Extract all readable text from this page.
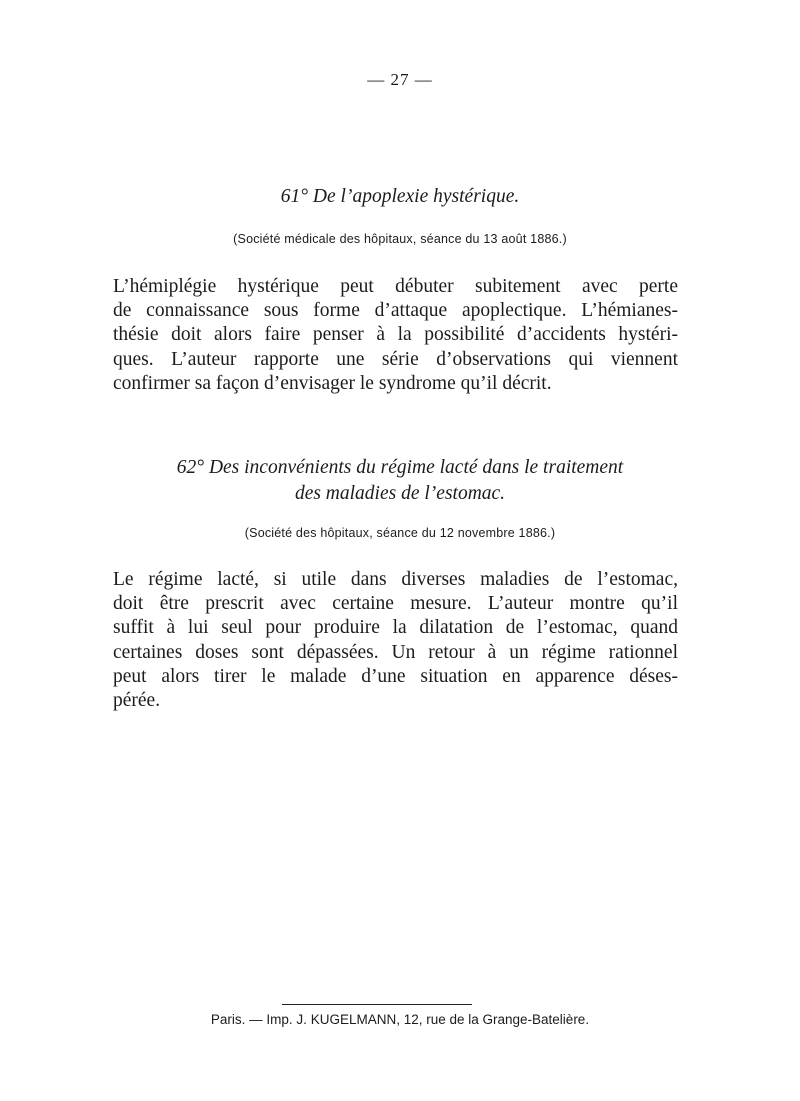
— 27 —
61° De l’apoplexie hystérique.
(Société médicale des hôpitaux, séance du 13 août 1886.)
L’hémiplégie hystérique peut débuter subitement avec perte
de connaissance sous forme d’attaque apoplectique. L’hémianes-
thésie doit alors faire penser à la possibilité d’accidents hystéri-
ques. L’auteur rapporte une série d’observations qui viennent
confirmer sa façon d’envisager le syndrome qu’il décrit.
62° Des inconvénients du régime lacté dans le traitement
des maladies de l’estomac.
(Société des hôpitaux, séance du 12 novembre 1886.)
Le régime lacté, si utile dans diverses maladies de l’estomac,
doit être prescrit avec certaine mesure. L’auteur montre qu’il
suffit à lui seul pour produire la dilatation de l’estomac, quand
certaines doses sont dépassées. Un retour à un régime rationnel
peut alors tirer le malade d’une situation en apparence déses-
pérée.
Paris. — Imp. J. KUGELMANN, 12, rue de la Grange-Batelière.
